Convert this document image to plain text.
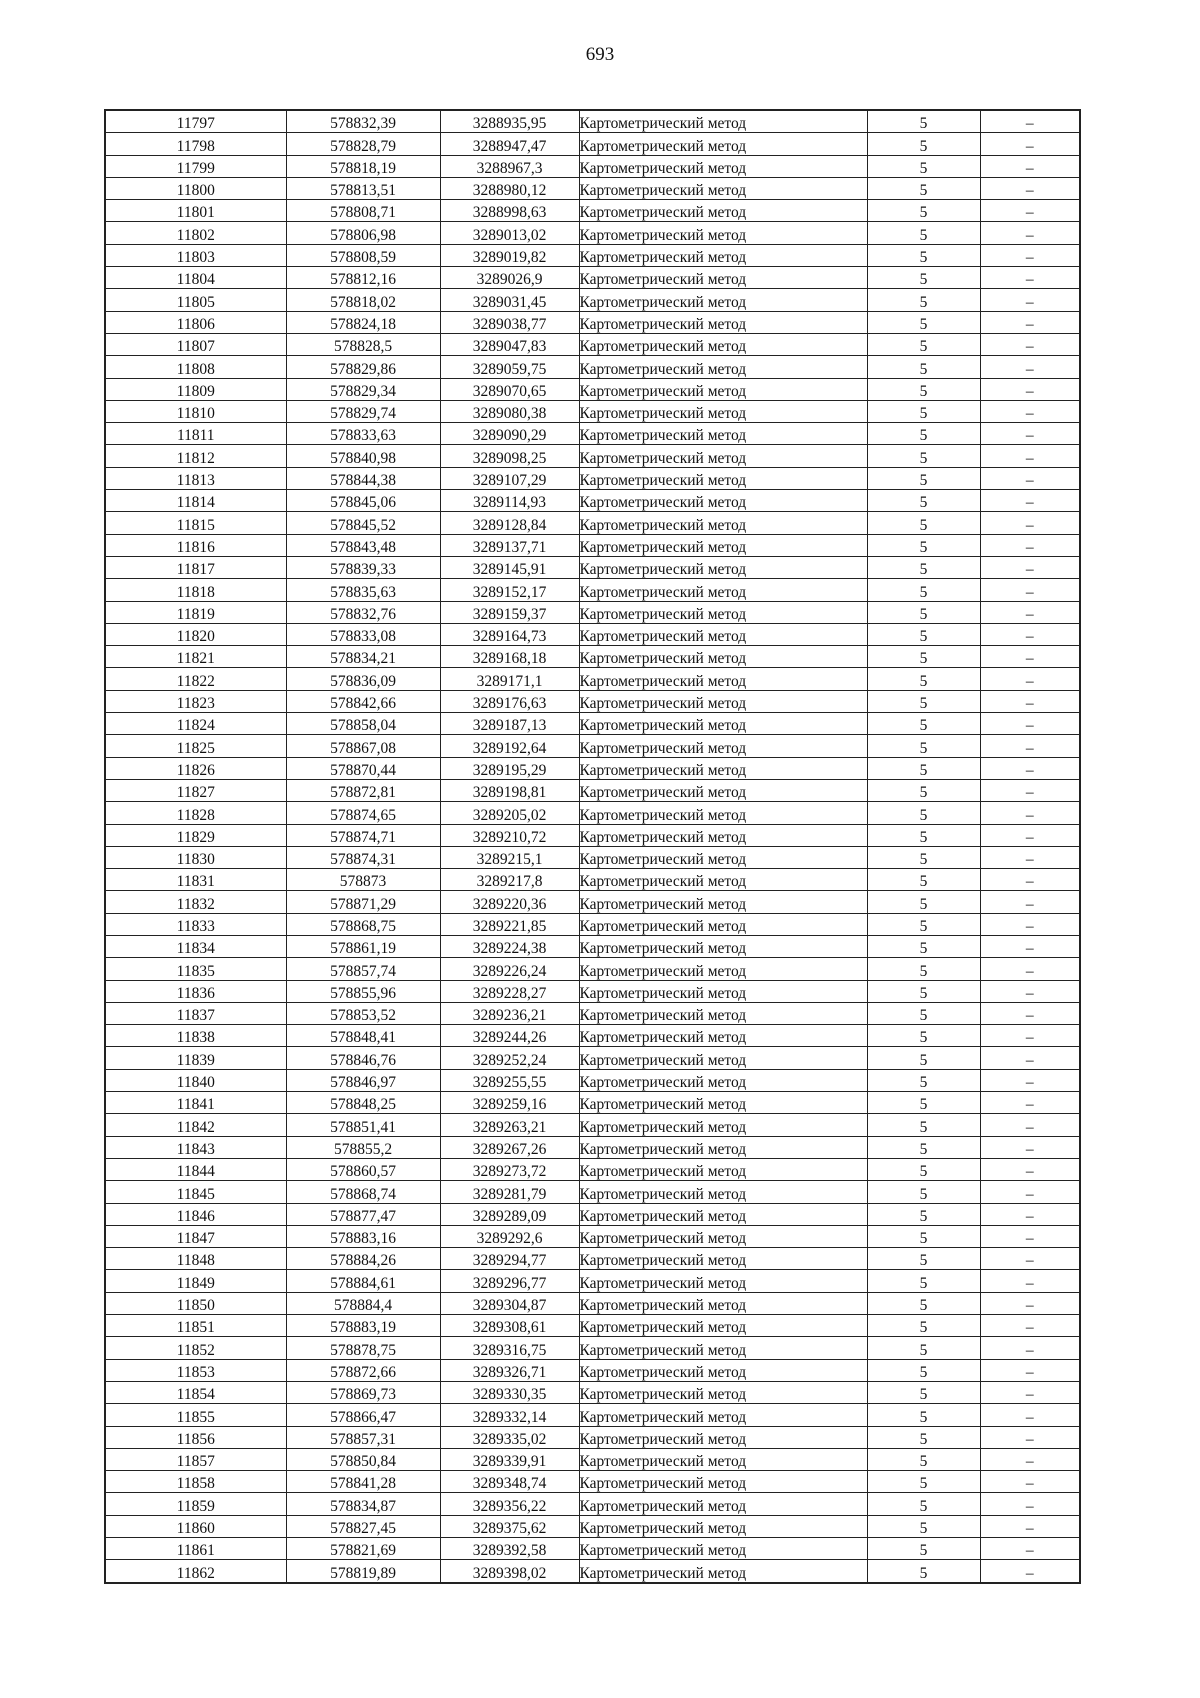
693
11797	578832,39	3288935,95	Картометрический метод	5	–
11798	578828,79	3288947,47	Картометрический метод	5	–
11799	578818,19	3288967,3	Картометрический метод	5	–
11800	578813,51	3288980,12	Картометрический метод	5	–
11801	578808,71	3288998,63	Картометрический метод	5	–
11802	578806,98	3289013,02	Картометрический метод	5	–
11803	578808,59	3289019,82	Картометрический метод	5	–
11804	578812,16	3289026,9	Картометрический метод	5	–
11805	578818,02	3289031,45	Картометрический метод	5	–
11806	578824,18	3289038,77	Картометрический метод	5	–
11807	578828,5	3289047,83	Картометрический метод	5	–
11808	578829,86	3289059,75	Картометрический метод	5	–
11809	578829,34	3289070,65	Картометрический метод	5	–
11810	578829,74	3289080,38	Картометрический метод	5	–
11811	578833,63	3289090,29	Картометрический метод	5	–
11812	578840,98	3289098,25	Картометрический метод	5	–
11813	578844,38	3289107,29	Картометрический метод	5	–
11814	578845,06	3289114,93	Картометрический метод	5	–
11815	578845,52	3289128,84	Картометрический метод	5	–
11816	578843,48	3289137,71	Картометрический метод	5	–
11817	578839,33	3289145,91	Картометрический метод	5	–
11818	578835,63	3289152,17	Картометрический метод	5	–
11819	578832,76	3289159,37	Картометрический метод	5	–
11820	578833,08	3289164,73	Картометрический метод	5	–
11821	578834,21	3289168,18	Картометрический метод	5	–
11822	578836,09	3289171,1	Картометрический метод	5	–
11823	578842,66	3289176,63	Картометрический метод	5	–
11824	578858,04	3289187,13	Картометрический метод	5	–
11825	578867,08	3289192,64	Картометрический метод	5	–
11826	578870,44	3289195,29	Картометрический метод	5	–
11827	578872,81	3289198,81	Картометрический метод	5	–
11828	578874,65	3289205,02	Картометрический метод	5	–
11829	578874,71	3289210,72	Картометрический метод	5	–
11830	578874,31	3289215,1	Картометрический метод	5	–
11831	578873	3289217,8	Картометрический метод	5	–
11832	578871,29	3289220,36	Картометрический метод	5	–
11833	578868,75	3289221,85	Картометрический метод	5	–
11834	578861,19	3289224,38	Картометрический метод	5	–
11835	578857,74	3289226,24	Картометрический метод	5	–
11836	578855,96	3289228,27	Картометрический метод	5	–
11837	578853,52	3289236,21	Картометрический метод	5	–
11838	578848,41	3289244,26	Картометрический метод	5	–
11839	578846,76	3289252,24	Картометрический метод	5	–
11840	578846,97	3289255,55	Картометрический метод	5	–
11841	578848,25	3289259,16	Картометрический метод	5	–
11842	578851,41	3289263,21	Картометрический метод	5	–
11843	578855,2	3289267,26	Картометрический метод	5	–
11844	578860,57	3289273,72	Картометрический метод	5	–
11845	578868,74	3289281,79	Картометрический метод	5	–
11846	578877,47	3289289,09	Картометрический метод	5	–
11847	578883,16	3289292,6	Картометрический метод	5	–
11848	578884,26	3289294,77	Картометрический метод	5	–
11849	578884,61	3289296,77	Картометрический метод	5	–
11850	578884,4	3289304,87	Картометрический метод	5	–
11851	578883,19	3289308,61	Картометрический метод	5	–
11852	578878,75	3289316,75	Картометрический метод	5	–
11853	578872,66	3289326,71	Картометрический метод	5	–
11854	578869,73	3289330,35	Картометрический метод	5	–
11855	578866,47	3289332,14	Картометрический метод	5	–
11856	578857,31	3289335,02	Картометрический метод	5	–
11857	578850,84	3289339,91	Картометрический метод	5	–
11858	578841,28	3289348,74	Картометрический метод	5	–
11859	578834,87	3289356,22	Картометрический метод	5	–
11860	578827,45	3289375,62	Картометрический метод	5	–
11861	578821,69	3289392,58	Картометрический метод	5	–
11862	578819,89	3289398,02	Картометрический метод	5	–
